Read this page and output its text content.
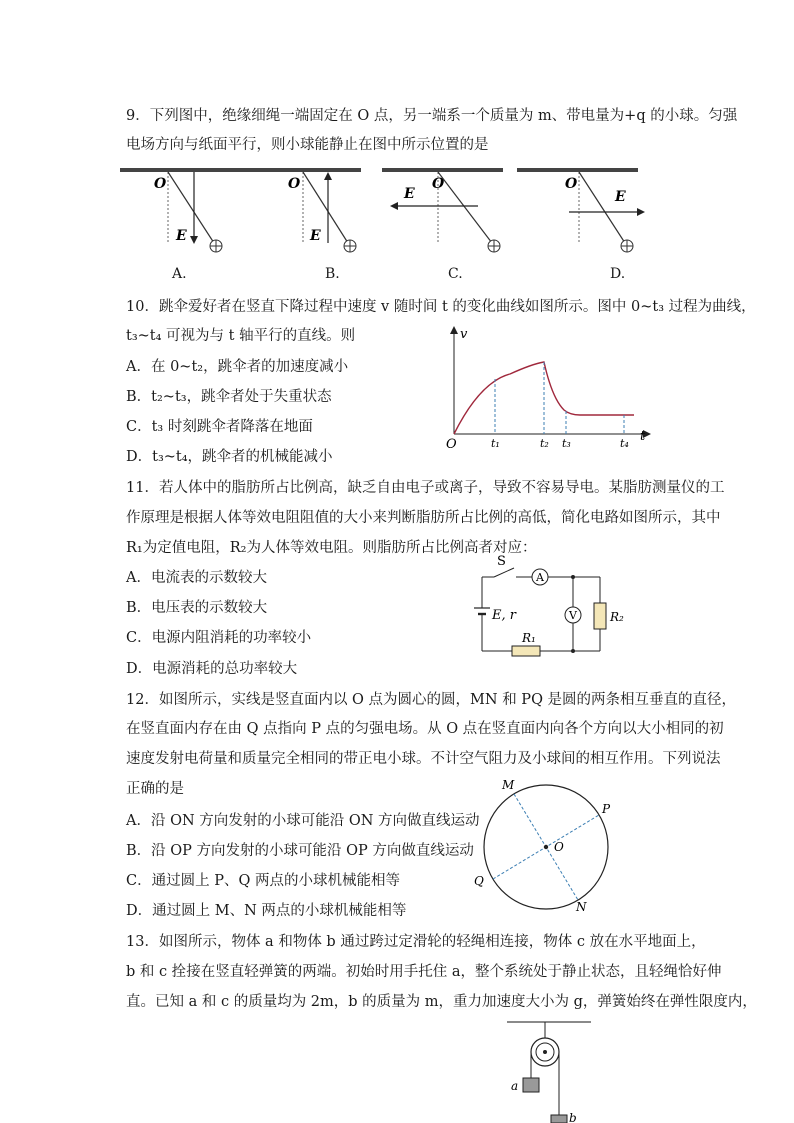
9．下列图中，绝缘细绳一端固定在 O 点，另一端系一个质量为 m、带电量为+q 的小球。匀强
电场方向与纸面平行，则小球能静止在图中所示位置的是
O
E
O
E
O
E
O
E
A.	B.	C.	D.
10．跳伞爱好者在竖直下降过程中速度 v 随时间 t 的变化曲线如图所示。图中 0~t₃ 过程为曲线，
t₃~t₄ 可视为与 t 轴平行的直线。则
A．在 0~t₂，跳伞者的加速度减小
B．t₂~t₃，跳伞者处于失重状态
C．t₃ 时刻跳伞者降落在地面
D．t₃~t₄，跳伞者的机械能减小
v
t
O	t₁	t₂ t₃	t₄
11．若人体中的脂肪所占比例高，缺乏自由电子或离子，导致不容易导电。某脂肪测量仪的工
作原理是根据人体等效电阻阻值的大小来判断脂肪所占比例的高低，简化电路如图所示，其中
R₁为定值电阻，R₂为人体等效电阻。则脂肪所占比例高者对应：
A．电流表的示数较大
B．电压表的示数较大
C．电源内阻消耗的功率较小
D．电源消耗的总功率较大
S
A
R₂
V
R₁
E, r
12．如图所示，实线是竖直面内以 O 点为圆心的圆，MN 和 PQ 是圆的两条相互垂直的直径，
在竖直面内存在由 Q 点指向 P 点的匀强电场。从 O 点在竖直面内向各个方向以大小相同的初
速度发射电荷量和质量完全相同的带正电小球。不计空气阻力及小球间的相互作用。下列说法
正确的是
A．沿 ON 方向发射的小球可能沿 ON 方向做直线运动
B．沿 OP 方向发射的小球可能沿 OP 方向做直线运动
C．通过圆上 P、Q 两点的小球机械能相等
D．通过圆上 M、N 两点的小球机械能相等
O
M
P
Q
N
13．如图所示，物体 a 和物体 b 通过跨过定滑轮的轻绳相连接，物体 c 放在水平地面上，
b 和 c 拴接在竖直轻弹簧的两端。初始时用手托住 a，整个系统处于静止状态，且轻绳恰好伸
直。已知 a 和 c 的质量均为 2m，b 的质量为 m，重力加速度大小为 g，弹簧始终在弹性限度内，
a
b
